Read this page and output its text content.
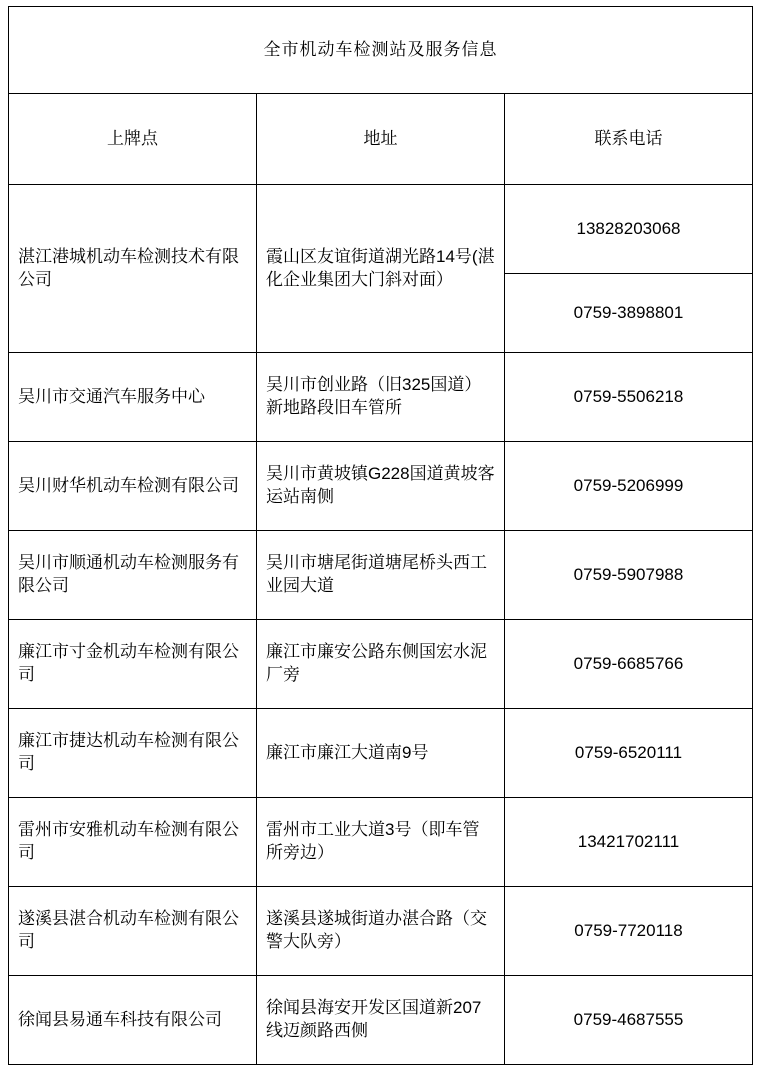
全市机动车检测站及服务信息		
上牌点	地址	联系电话
湛江港城机动车检测技术有限公司	霞山区友谊街道湖光路14号(湛化企业集团大门斜对面）	13828203068
		0759-3898801
吴川市交通汽车服务中心	吴川市创业路（旧325国道）新地路段旧车管所	0759-5506218
吴川财华机动车检测有限公司	吴川市黄坡镇G228国道黄坡客运站南侧	0759-5206999
吴川市顺通机动车检测服务有限公司	吴川市塘尾街道塘尾桥头西工业园大道	0759-5907988
廉江市寸金机动车检测有限公司	廉江市廉安公路东侧国宏水泥厂旁	0759-6685766
廉江市捷达机动车检测有限公司	廉江市廉江大道南9号	0759-6520111
雷州市安雅机动车检测有限公司	雷州市工业大道3号（即车管所旁边）	13421702111
遂溪县湛合机动车检测有限公司	遂溪县遂城街道办湛合路（交警大队旁）	0759-7720118
徐闻县易通车科技有限公司	徐闻县海安开发区国道新207线迈颜路西侧	0759-4687555
